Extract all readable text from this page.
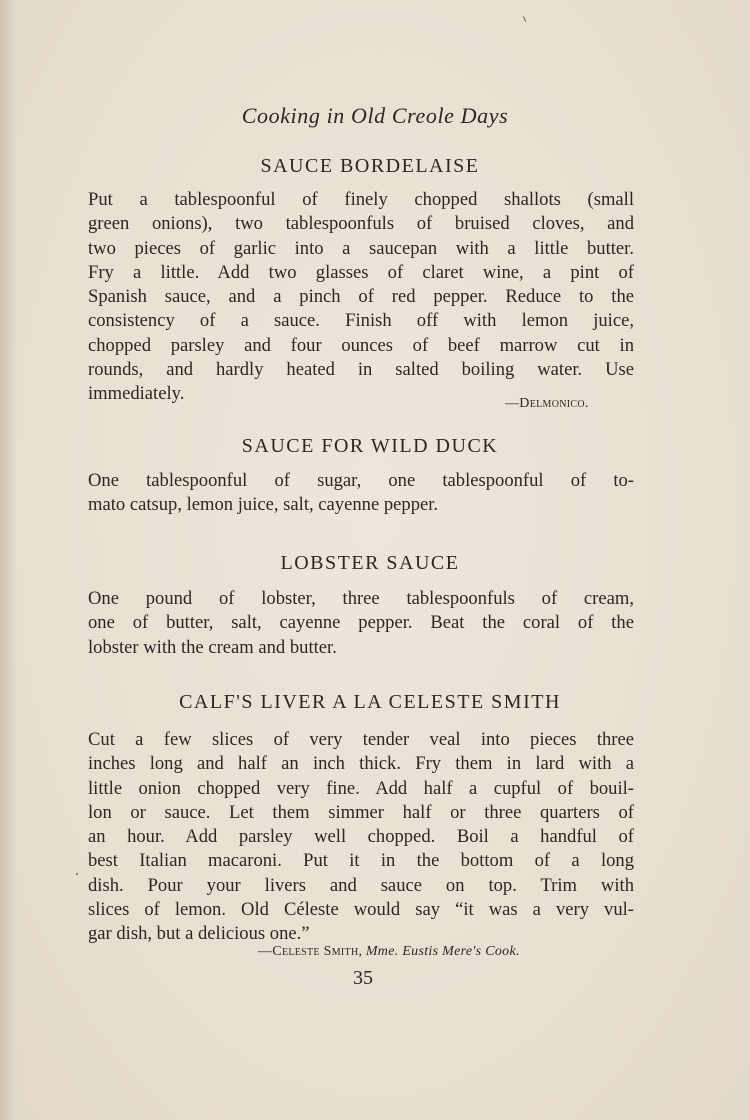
Cooking in Old Creole Days
SAUCE BORDELAISE
Put a tablespoonful of finely chopped shallots (small
green onions), two tablespoonfuls of bruised cloves, and
two pieces of garlic into a saucepan with a little butter.
Fry a little. Add two glasses of claret wine, a pint of
Spanish sauce, and a pinch of red pepper. Reduce to the
consistency of a sauce. Finish off with lemon juice,
chopped parsley and four ounces of beef marrow cut in
rounds, and hardly heated in salted boiling water. Use
immediately.	—Delmonico.
SAUCE FOR WILD DUCK
One tablespoonful of sugar, one tablespoonful of to-
mato catsup, lemon juice, salt, cayenne pepper.
LOBSTER SAUCE
One pound of lobster, three tablespoonfuls of cream,
one of butter, salt, cayenne pepper. Beat the coral of the
lobster with the cream and butter.
CALF'S LIVER A LA CELESTE SMITH
Cut a few slices of very tender veal into pieces three
inches long and half an inch thick. Fry them in lard with a
little onion chopped very fine. Add half a cupful of bouil-
lon or sauce. Let them simmer half or three quarters of
an hour. Add parsley well chopped. Boil a handful of
best Italian macaroni. Put it in the bottom of a long
dish. Pour your livers and sauce on top. Trim with
slices of lemon. Old Céleste would say “it was a very vul-
gar dish, but a delicious one.”
—Celeste Smith, Mme. Eustis Mere's Cook.
35
